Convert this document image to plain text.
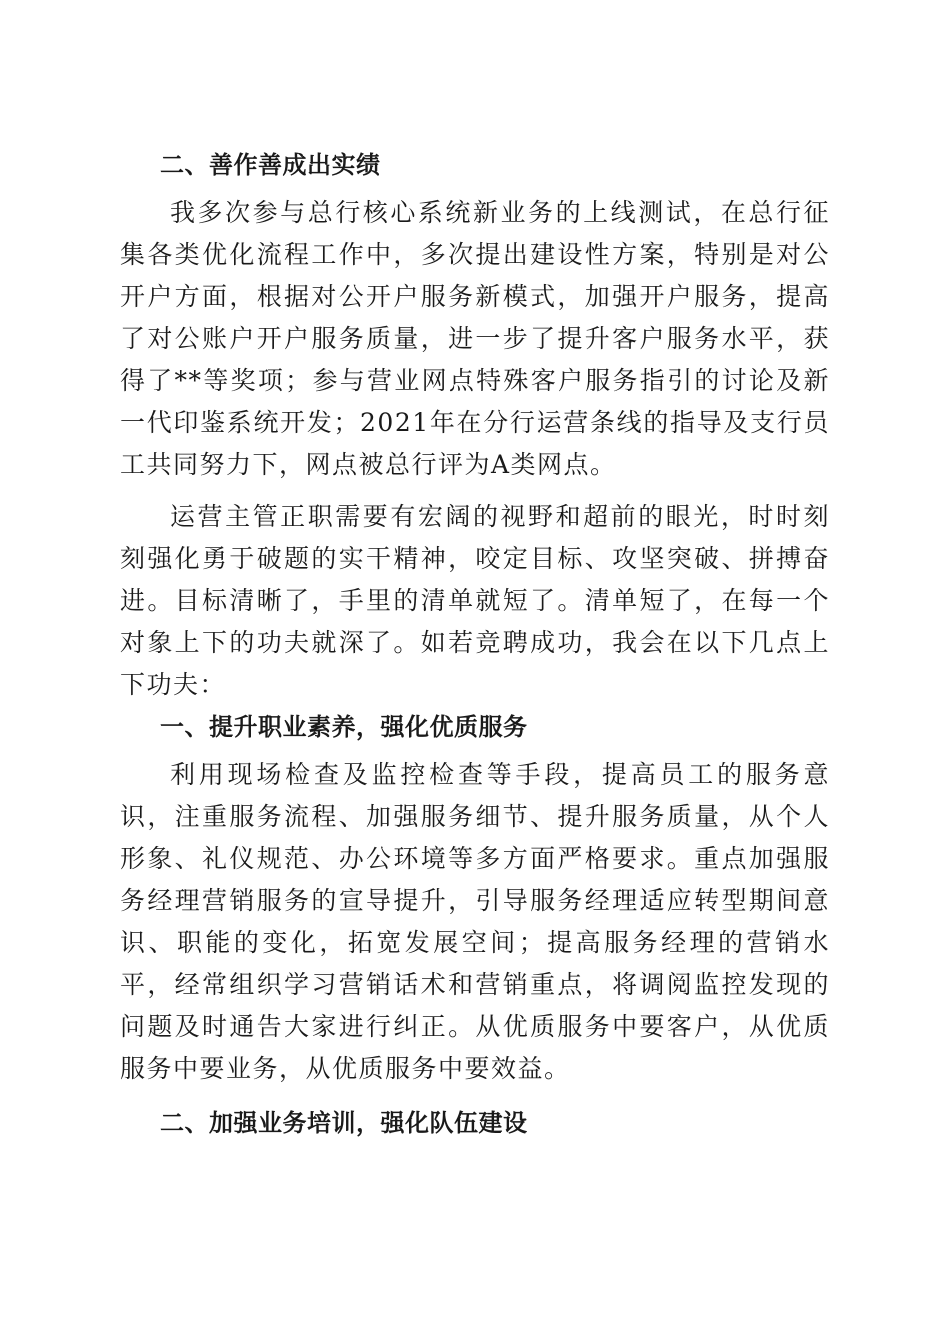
二、善作善成出实绩

我多次参与总行核心系统新业务的上线测试，在总行征集各类优化流程工作中，多次提出建设性方案，特别是对公开户方面，根据对公开户服务新模式，加强开户服务，提高了对公账户开户服务质量，进一步了提升客户服务水平，获得了**等奖项；参与营业网点特殊客户服务指引的讨论及新一代印鉴系统开发；2021年在分行运营条线的指导及支行员工共同努力下，网点被总行评为A类网点。

运营主管正职需要有宏阔的视野和超前的眼光，时时刻刻强化勇于破题的实干精神，咬定目标、攻坚突破、拼搏奋进。目标清晰了，手里的清单就短了。清单短了，在每一个对象上下的功夫就深了。如若竞聘成功，我会在以下几点上下功夫：

一、提升职业素养，强化优质服务

利用现场检查及监控检查等手段，提高员工的服务意识，注重服务流程、加强服务细节、提升服务质量，从个人形象、礼仪规范、办公环境等多方面严格要求。重点加强服务经理营销服务的宣导提升，引导服务经理适应转型期间意识、职能的变化，拓宽发展空间；提高服务经理的营销水平，经常组织学习营销话术和营销重点，将调阅监控发现的问题及时通告大家进行纠正。从优质服务中要客户，从优质服务中要业务，从优质服务中要效益。

二、加强业务培训，强化队伍建设
